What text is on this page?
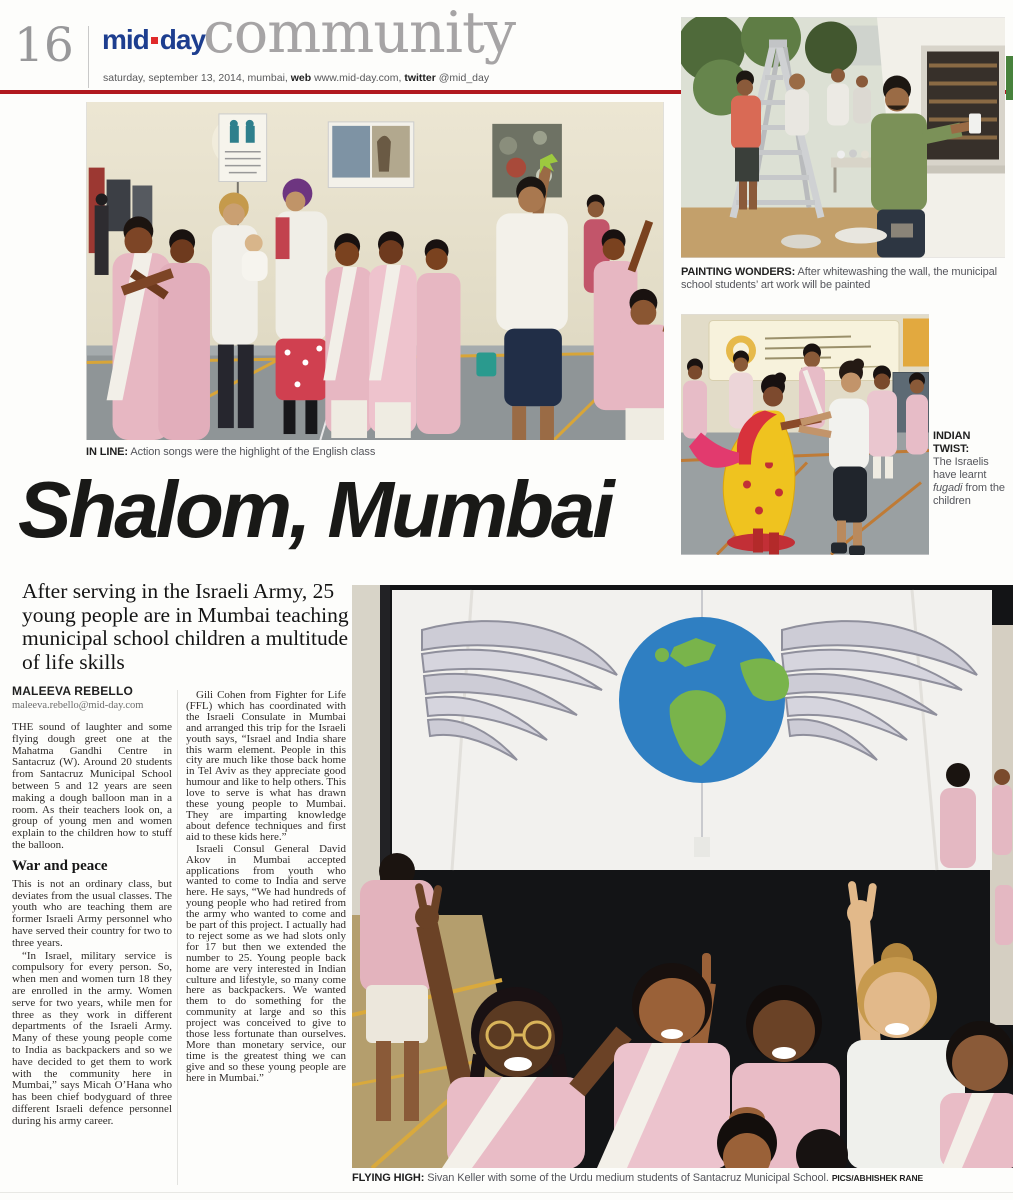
16 mid day
community
saturday, september 13, 2014, mumbai, web www.mid-day.com, twitter @mid_day
IN LINE: Action songs were the highlight of the English class
PAINTING WONDERS: After whitewashing the wall, the municipal school students’ art work will be painted
INDIAN TWIST:
The Israelis have learnt fugadi from the children
Shalom, Mumbai
After serving in the Israeli Army, 25 young people are in Mumbai teaching municipal school children a multitude of life skills
MALEEVA REBELLO
maleeva.rebello@mid-day.com

THE sound of laughter and some flying dough greet one at the Mahatma Gandhi Centre in Santacruz (W). Around 20 students from Santacruz Municipal School between 5 and 12 years are seen making a dough balloon man in a room. As their teachers look on, a group of young men and women explain to the children how to stuff the balloon.

War and peace

This is not an ordinary class, but deviates from the usual classes. The youth who are teaching them are former Israeli Army personnel who have served their country for two to three years.

“In Israel, military service is compulsory for every person. So, when men and women turn 18 they are enrolled in the army. Women serve for two years, while men for three as they work in different departments of the Israeli Army. Many of these young people come to India as backpackers and so we have decided to get them to work with the community here in Mumbai,” says Micah O’Hana who has been chief bodyguard of three different Israeli defence personnel during his army career.

Gili Cohen from Fighter for Life (FFL) which has coordinated with the Israeli Consulate in Mumbai and arranged this trip for the Israeli youth says, “Israel and India share this warm element. People in this city are much like those back home in Tel Aviv as they appreciate good humour and like to help others. This love to serve is what has drawn these young people to Mumbai. They are imparting knowledge about defence techniques and first aid to these kids here.”

Israeli Consul General David Akov in Mumbai accepted applications from youth who wanted to come to India and serve here. He says, “We had hundreds of young people who had retired from the army who wanted to come and be part of this project. I actually had to reject some as we had slots only for 17 but then we extended the number to 25. Young people back home are very interested in Indian culture and lifestyle, so many come here as backpackers. We wanted them to do something for the community at large and so this project was conceived to give to those less fortunate than ourselves. More than monetary service, our time is the greatest thing we can give and so these young people are here in Mumbai.”

FLYING HIGH: Sivan Keller with some of the Urdu medium students of Santacruz Municipal School. PICS/ABHISHEK RANE
